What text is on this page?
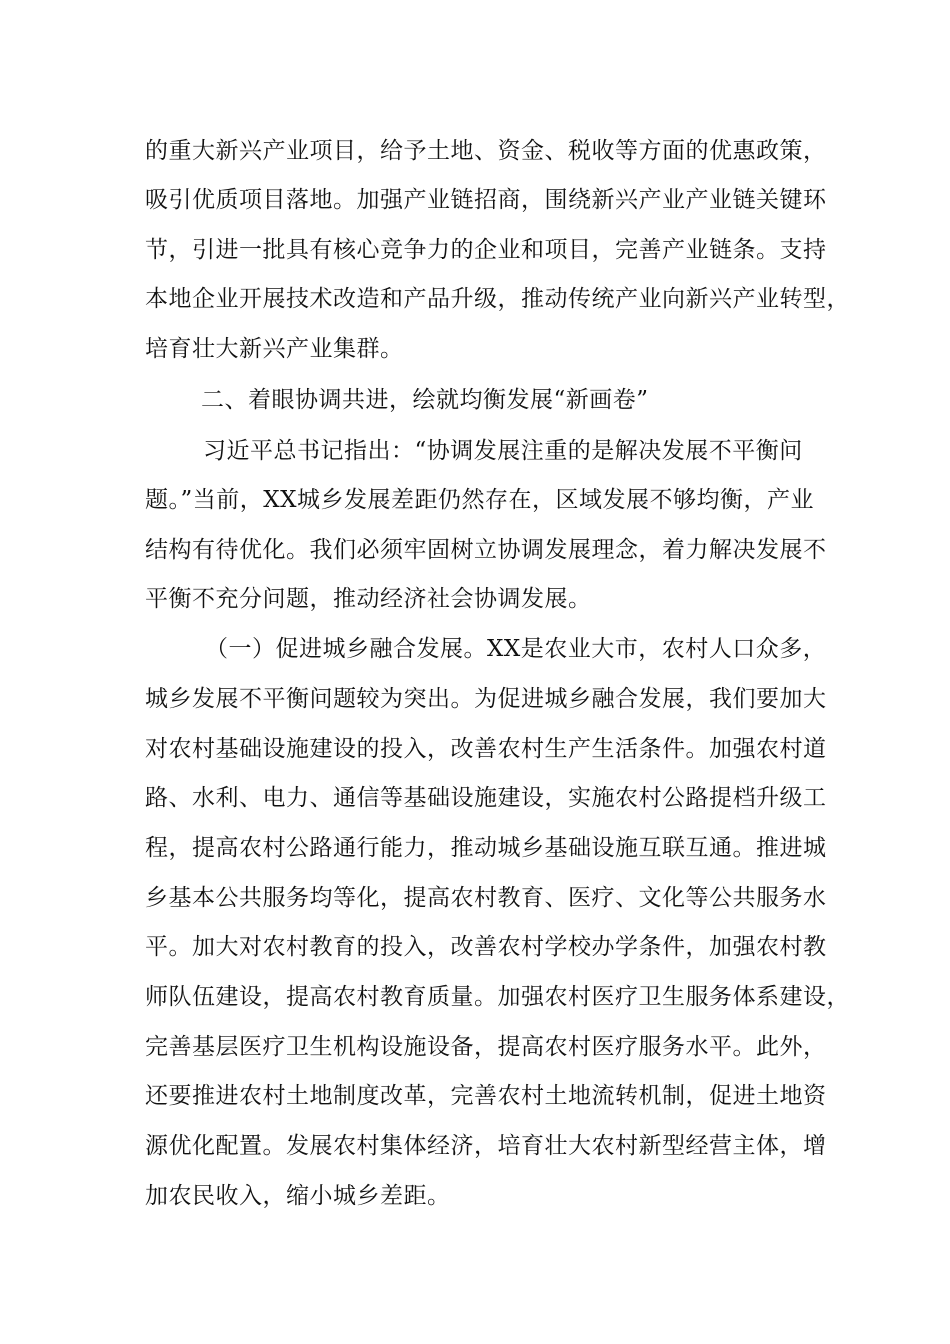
的重大新兴产业项目，给予土地、资金、税收等方面的优惠政策，
吸引优质项目落地。加强产业链招商，围绕新兴产业产业链关键环
节，引进一批具有核心竞争力的企业和项目，完善产业链条。支持
本地企业开展技术改造和产品升级，推动传统产业向新兴产业转型，
培育壮大新兴产业集群。
二、着眼协调共进，绘就均衡发展“新画卷”
习近平总书记指出：“协调发展注重的是解决发展不平衡问
题。”当前，XX城乡发展差距仍然存在，区域发展不够均衡，产业
结构有待优化。我们必须牢固树立协调发展理念，着力解决发展不
平衡不充分问题，推动经济社会协调发展。
（一）促进城乡融合发展。XX是农业大市，农村人口众多，
城乡发展不平衡问题较为突出。为促进城乡融合发展，我们要加大
对农村基础设施建设的投入，改善农村生产生活条件。加强农村道
路、水利、电力、通信等基础设施建设，实施农村公路提档升级工
程，提高农村公路通行能力，推动城乡基础设施互联互通。推进城
乡基本公共服务均等化，提高农村教育、医疗、文化等公共服务水
平。加大对农村教育的投入，改善农村学校办学条件，加强农村教
师队伍建设，提高农村教育质量。加强农村医疗卫生服务体系建设，
完善基层医疗卫生机构设施设备，提高农村医疗服务水平。此外，
还要推进农村土地制度改革，完善农村土地流转机制，促进土地资
源优化配置。发展农村集体经济，培育壮大农村新型经营主体，增
加农民收入，缩小城乡差距。
